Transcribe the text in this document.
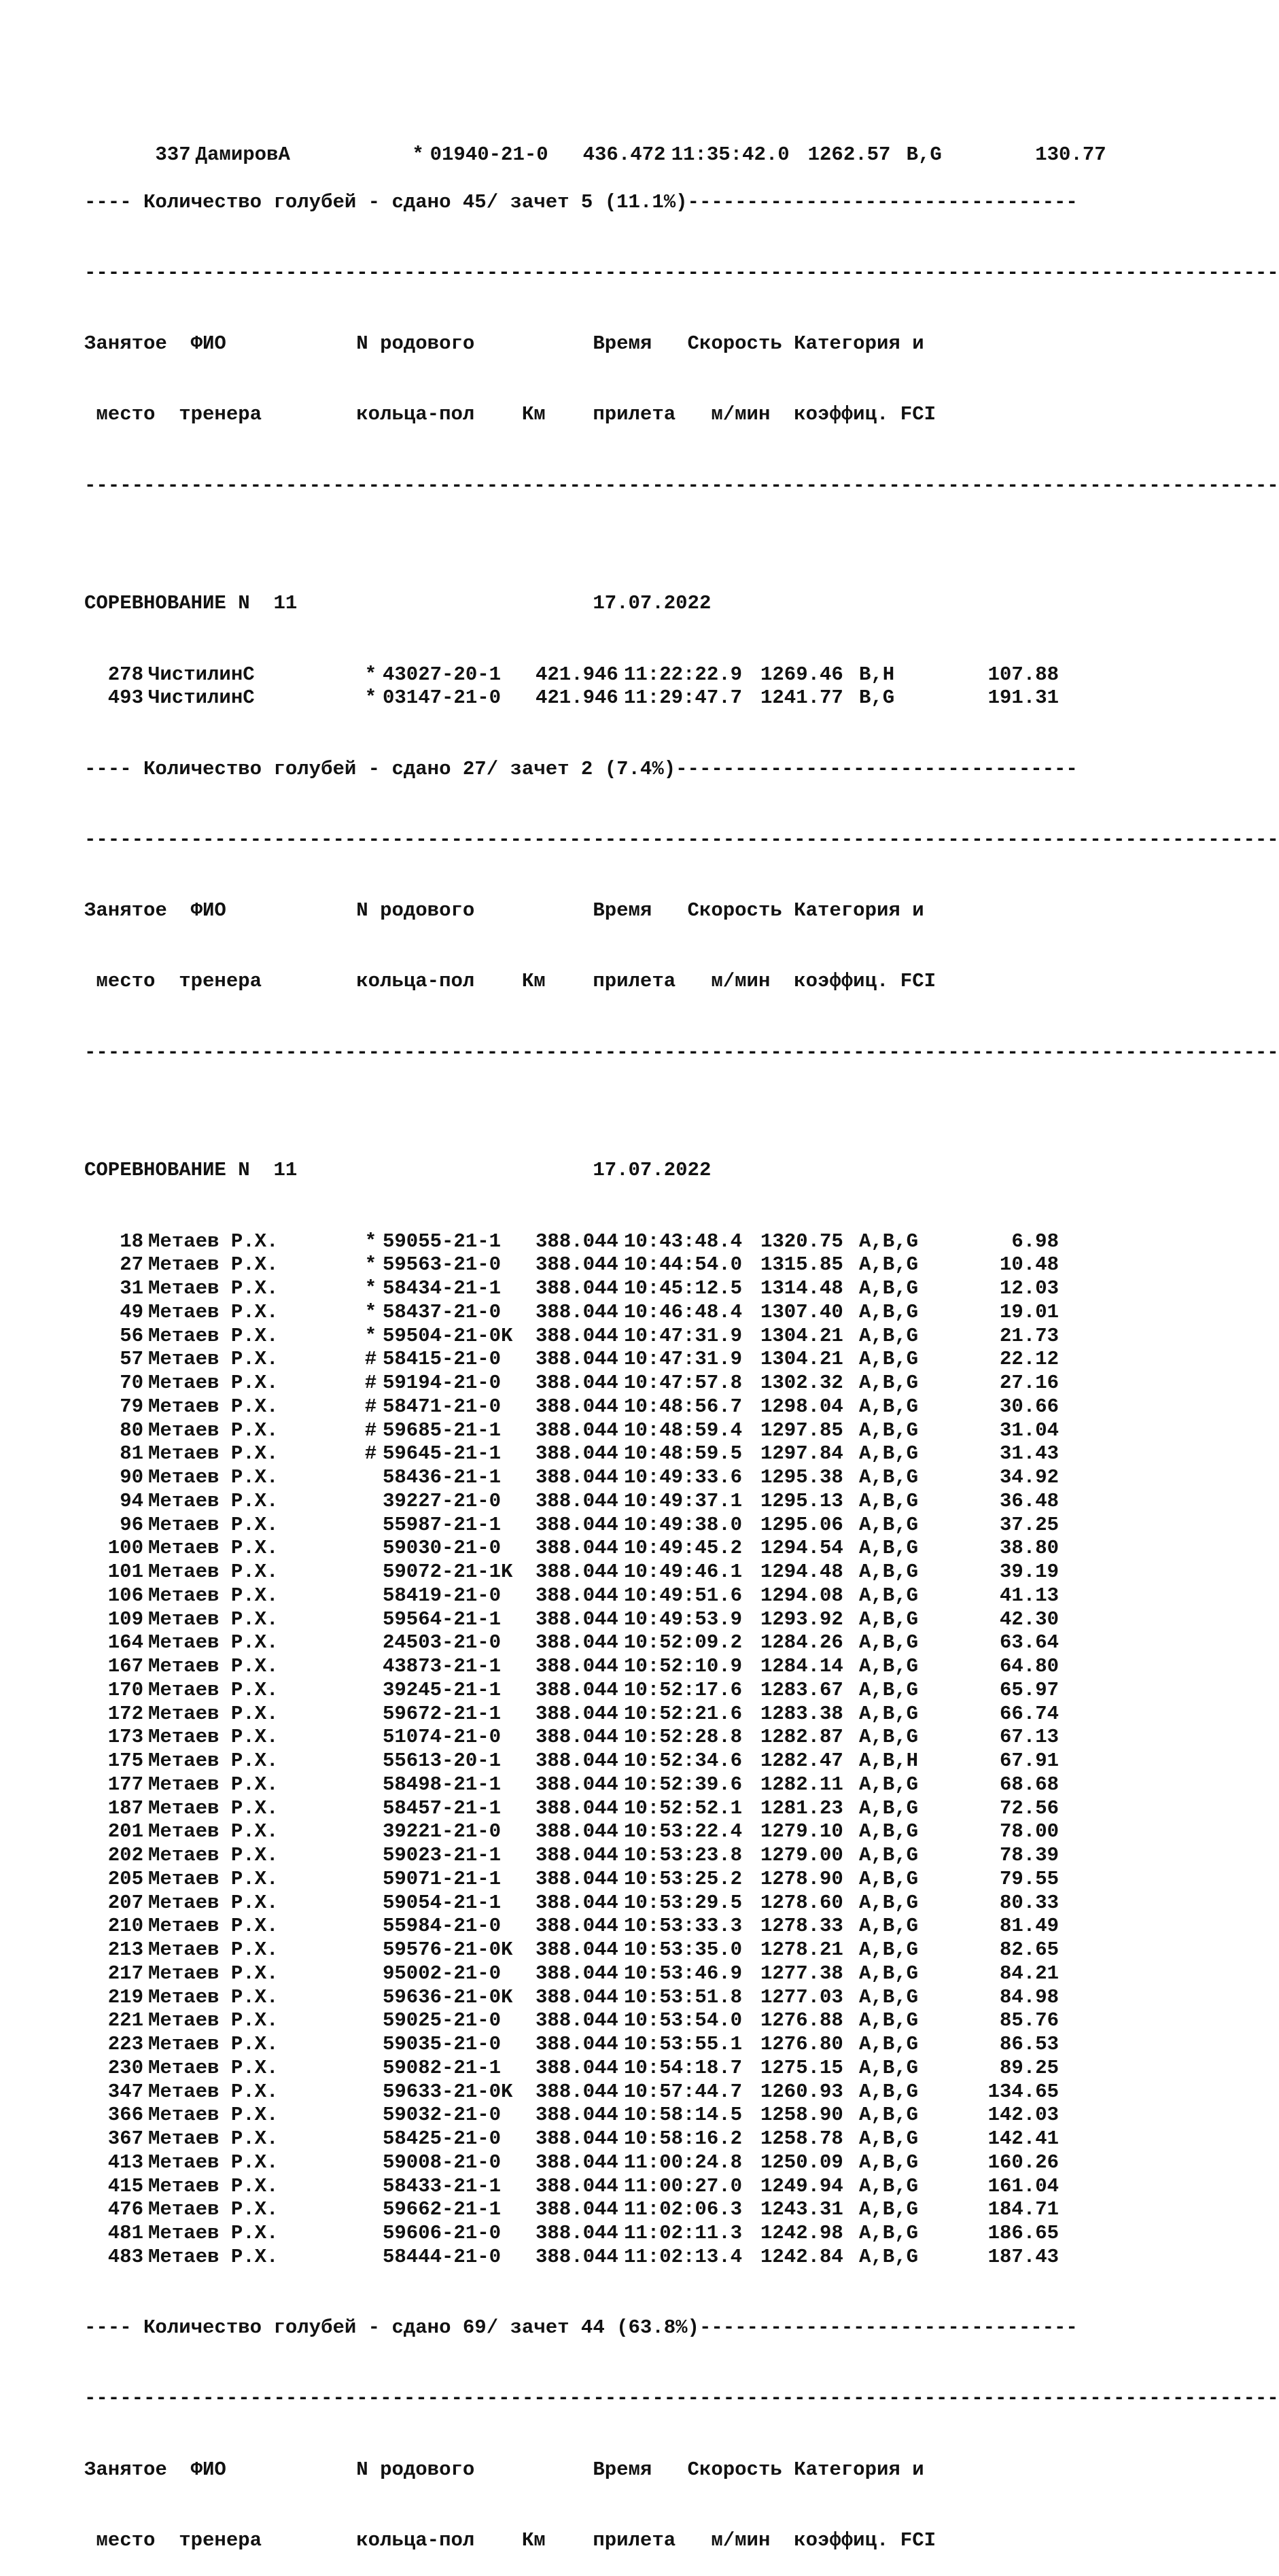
337 ДамировА	* 01940-21-0 436.472 11:35:42.0 1262.57 B,G	130.77

---- Количество голубей - сдано 45/ зачет 5 (11.1%)---------------------------------

-----------------------------------------------------------------------------------------------------

Занятое  ФИО           N родового          Время   Скорость Категория и

место  тренера        кольца-пол    Км    прилета   м/мин  коэффиц. FCI

-----------------------------------------------------------------------------------------------------

СОРЕВНОВАНИЕ N  11                         17.07.2022

278 ЧистилинС	* 43027-20-1 421.946 11:22:22.9 1269.46 B,H	107.88
493 ЧистилинС	* 03147-21-0 421.946 11:29:47.7 1241.77 B,G	191.31

---- Количество голубей - сдано 27/ зачет 2 (7.4%)----------------------------------

-----------------------------------------------------------------------------------------------------

Занятое  ФИО           N родового          Время   Скорость Категория и

место  тренера        кольца-пол    Км    прилета   м/мин  коэффиц. FCI

-----------------------------------------------------------------------------------------------------

СОРЕВНОВАНИЕ N  11                         17.07.2022

18 Метаев Р.Х.	* 59055-21-1 388.044 10:43:48.4 1320.75 A,B,G	6.98
27 Метаев Р.Х.	* 59563-21-0 388.044 10:44:54.0 1315.85 A,B,G	10.48
31 Метаев Р.Х.	* 58434-21-1 388.044 10:45:12.5 1314.48 A,B,G	12.03
49 Метаев Р.Х.	* 58437-21-0 388.044 10:46:48.4 1307.40 A,B,G	19.01
56 Метаев Р.Х.	* 59504-21-0K 388.044 10:47:31.9 1304.21 A,B,G	21.73
57 Метаев Р.Х.	# 58415-21-0 388.044 10:47:31.9 1304.21 A,B,G	22.12
70 Метаев Р.Х.	# 59194-21-0 388.044 10:47:57.8 1302.32 A,B,G	27.16
79 Метаев Р.Х.	# 58471-21-0 388.044 10:48:56.7 1298.04 A,B,G	30.66
80 Метаев Р.Х.	# 59685-21-1 388.044 10:48:59.4 1297.85 A,B,G	31.04
81 Метаев Р.Х.	# 59645-21-1 388.044 10:48:59.5 1297.84 A,B,G	31.43
90 Метаев Р.Х.	58436-21-1 388.044 10:49:33.6 1295.38 A,B,G	34.92
94 Метаев Р.Х.	39227-21-0 388.044 10:49:37.1 1295.13 A,B,G	36.48
96 Метаев Р.Х.	55987-21-1 388.044 10:49:38.0 1295.06 A,B,G	37.25
100 Метаев Р.Х.	59030-21-0 388.044 10:49:45.2 1294.54 A,B,G	38.80
101 Метаев Р.Х.	59072-21-1K 388.044 10:49:46.1 1294.48 A,B,G	39.19
106 Метаев Р.Х.	58419-21-0 388.044 10:49:51.6 1294.08 A,B,G	41.13
109 Метаев Р.Х.	59564-21-1 388.044 10:49:53.9 1293.92 A,B,G	42.30
164 Метаев Р.Х.	24503-21-0 388.044 10:52:09.2 1284.26 A,B,G	63.64
167 Метаев Р.Х.	43873-21-1 388.044 10:52:10.9 1284.14 A,B,G	64.80
170 Метаев Р.Х.	39245-21-1 388.044 10:52:17.6 1283.67 A,B,G	65.97
172 Метаев Р.Х.	59672-21-1 388.044 10:52:21.6 1283.38 A,B,G	66.74
173 Метаев Р.Х.	51074-21-0 388.044 10:52:28.8 1282.87 A,B,G	67.13
175 Метаев Р.Х.	55613-20-1 388.044 10:52:34.6 1282.47 A,B,H	67.91
177 Метаев Р.Х.	58498-21-1 388.044 10:52:39.6 1282.11 A,B,G	68.68
187 Метаев Р.Х.	58457-21-1 388.044 10:52:52.1 1281.23 A,B,G	72.56
201 Метаев Р.Х.	39221-21-0 388.044 10:53:22.4 1279.10 A,B,G	78.00
202 Метаев Р.Х.	59023-21-1 388.044 10:53:23.8 1279.00 A,B,G	78.39
205 Метаев Р.Х.	59071-21-1 388.044 10:53:25.2 1278.90 A,B,G	79.55
207 Метаев Р.Х.	59054-21-1 388.044 10:53:29.5 1278.60 A,B,G	80.33
210 Метаев Р.Х.	55984-21-0 388.044 10:53:33.3 1278.33 A,B,G	81.49
213 Метаев Р.Х.	59576-21-0K 388.044 10:53:35.0 1278.21 A,B,G	82.65
217 Метаев Р.Х.	95002-21-0 388.044 10:53:46.9 1277.38 A,B,G	84.21
219 Метаев Р.Х.	59636-21-0K 388.044 10:53:51.8 1277.03 A,B,G	84.98
221 Метаев Р.Х.	59025-21-0 388.044 10:53:54.0 1276.88 A,B,G	85.76
223 Метаев Р.Х.	59035-21-0 388.044 10:53:55.1 1276.80 A,B,G	86.53
230 Метаев Р.Х.	59082-21-1 388.044 10:54:18.7 1275.15 A,B,G	89.25
347 Метаев Р.Х.	59633-21-0K 388.044 10:57:44.7 1260.93 A,B,G	134.65
366 Метаев Р.Х.	59032-21-0 388.044 10:58:14.5 1258.90 A,B,G	142.03
367 Метаев Р.Х.	58425-21-0 388.044 10:58:16.2 1258.78 A,B,G	142.41
413 Метаев Р.Х.	59008-21-0 388.044 11:00:24.8 1250.09 A,B,G	160.26
415 Метаев Р.Х.	58433-21-1 388.044 11:00:27.0 1249.94 A,B,G	161.04
476 Метаев Р.Х.	59662-21-1 388.044 11:02:06.3 1243.31 A,B,G	184.71
481 Метаев Р.Х.	59606-21-0 388.044 11:02:11.3 1242.98 A,B,G	186.65
483 Метаев Р.Х.	58444-21-0 388.044 11:02:13.4 1242.84 A,B,G	187.43

---- Количество голубей - сдано 69/ зачет 44 (63.8%)--------------------------------

-----------------------------------------------------------------------------------------------------

Занятое  ФИО           N родового          Время   Скорость Категория и

место  тренера        кольца-пол    Км    прилета   м/мин  коэффиц. FCI
